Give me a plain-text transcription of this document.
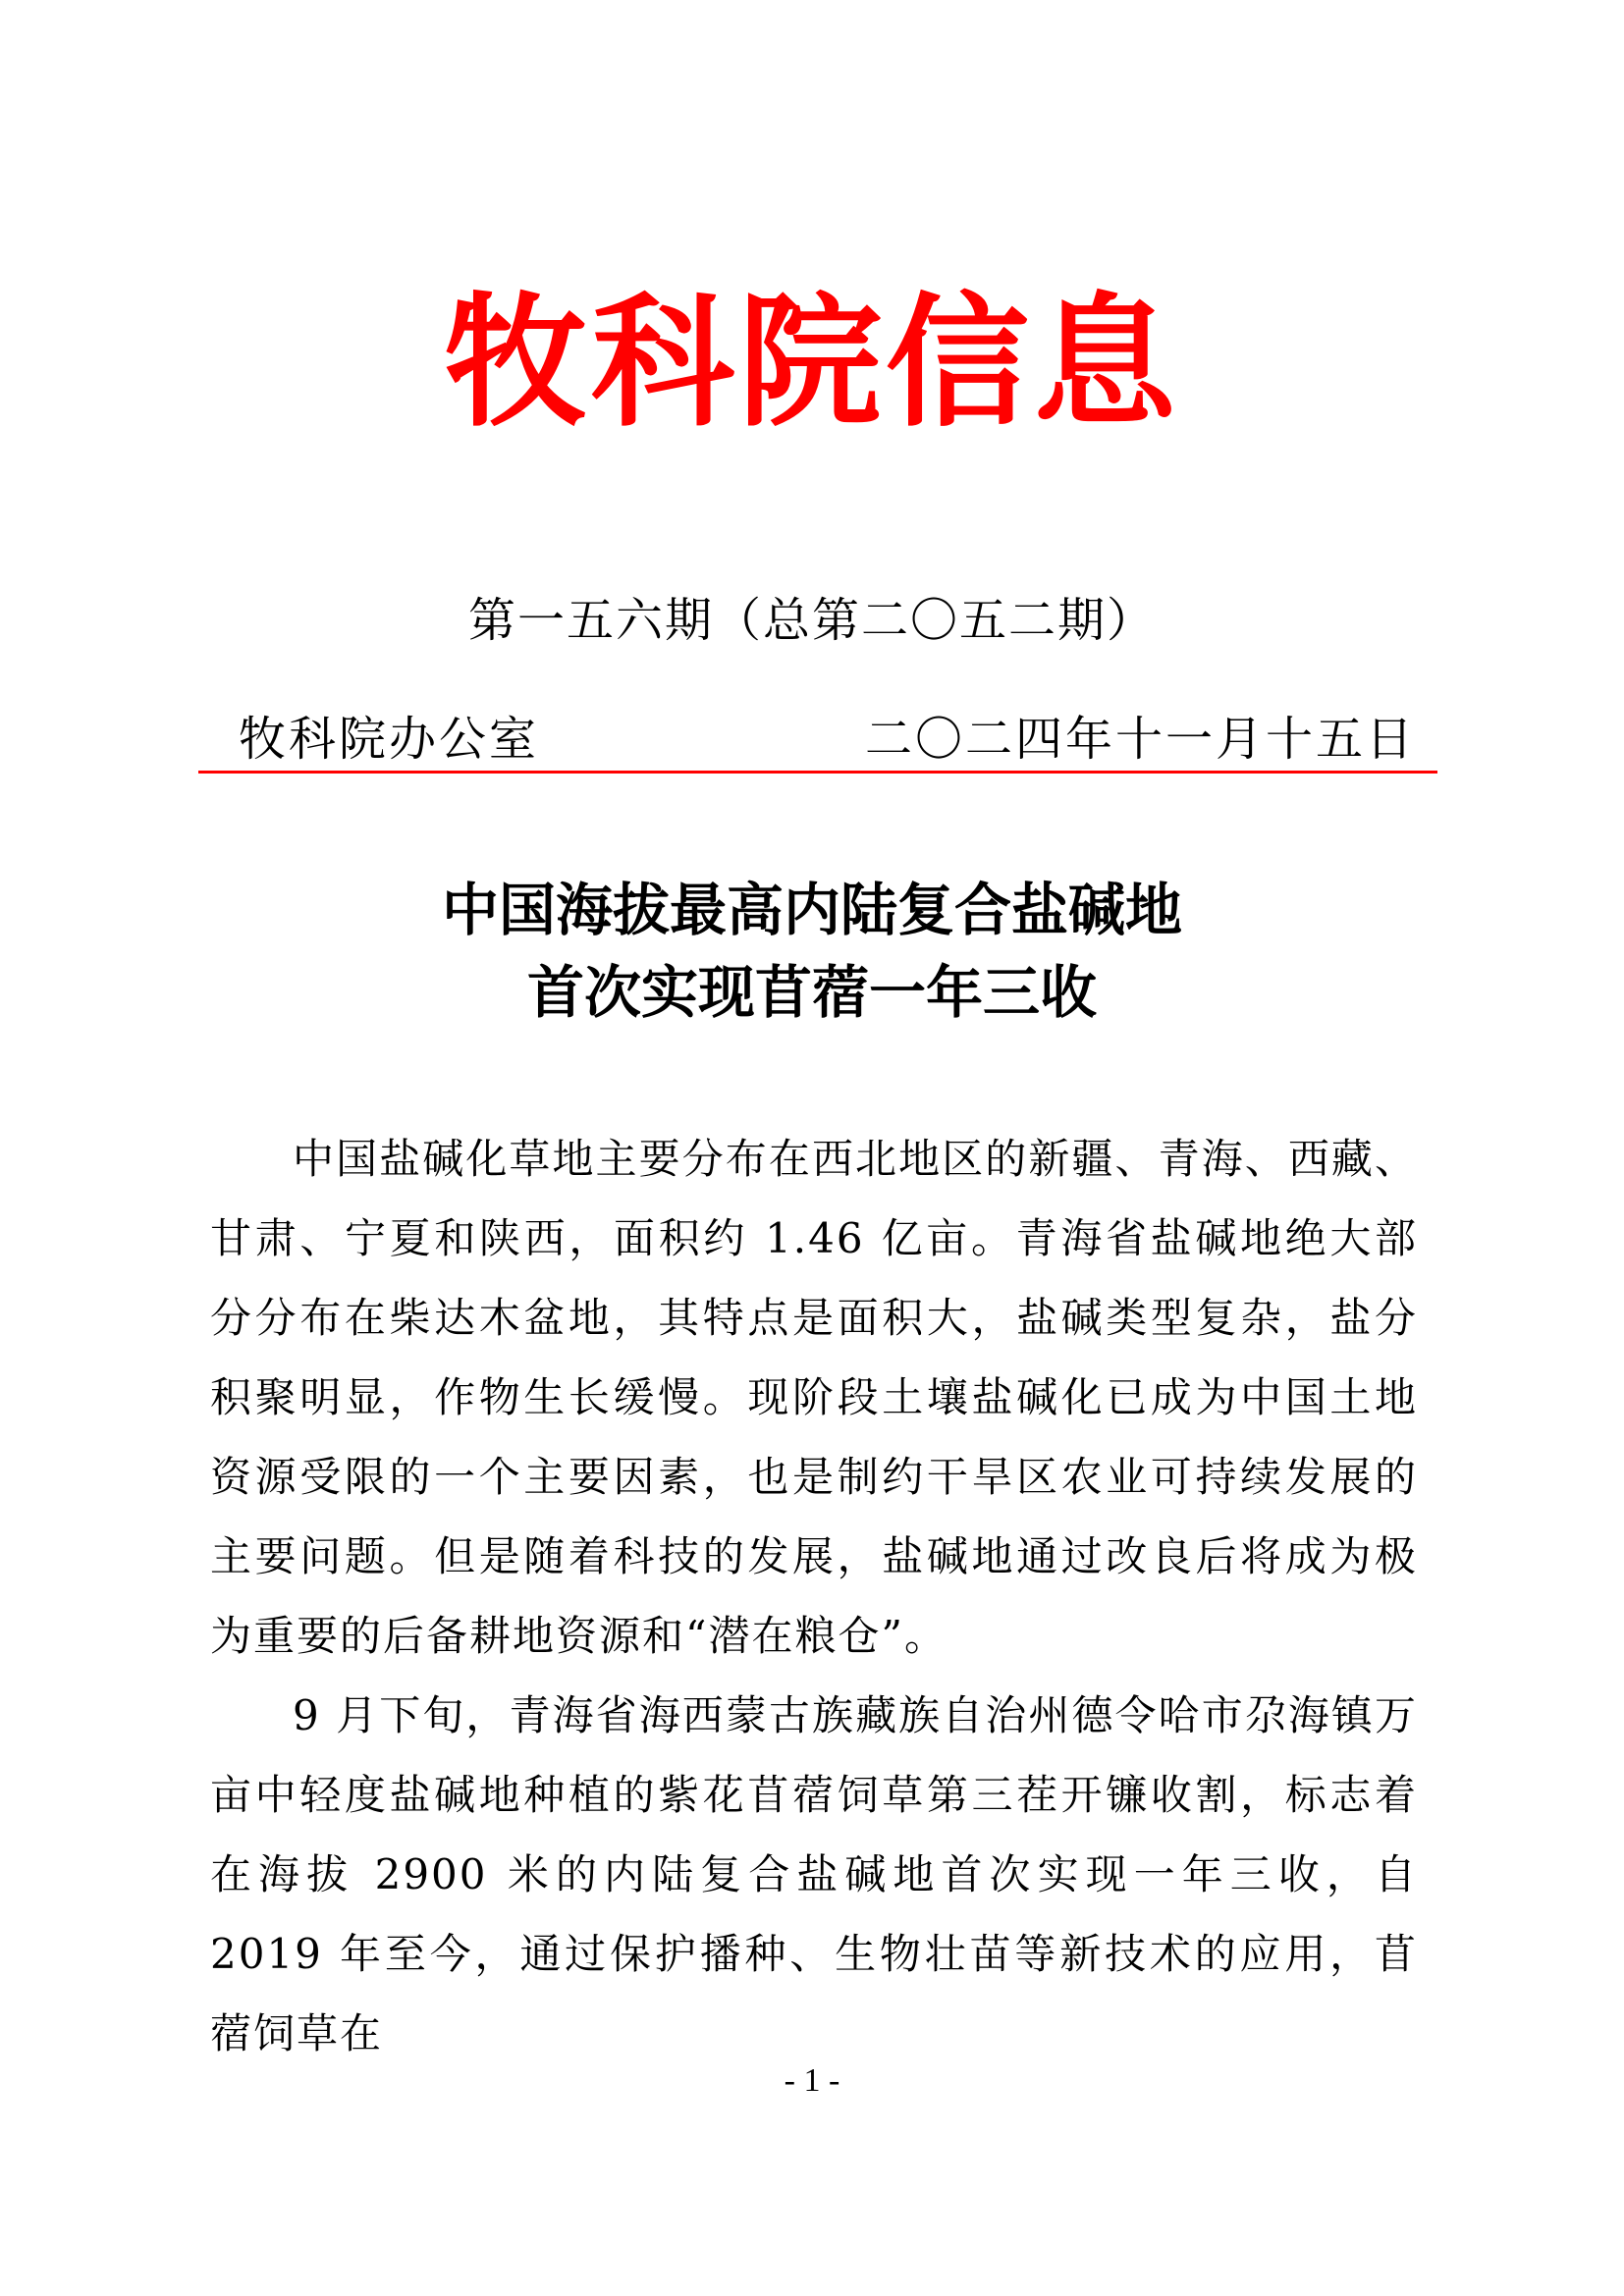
牧科院信息
第一五六期（总第二〇五二期）
牧科院办公室	二〇二四年十一月十五日
中国海拔最高内陆复合盐碱地
首次实现苜蓿一年三收

中国盐碱化草地主要分布在西北地区的新疆、青海、西藏、甘肃、宁夏和陕西，面积约 1.46 亿亩。青海省盐碱地绝大部分分布在柴达木盆地，其特点是面积大，盐碱类型复杂，盐分积聚明显，作物生长缓慢。现阶段土壤盐碱化已成为中国土地资源受限的一个主要因素，也是制约干旱区农业可持续发展的主要问题。但是随着科技的发展，盐碱地通过改良后将成为极为重要的后备耕地资源和“潜在粮仓”。

9 月下旬，青海省海西蒙古族藏族自治州德令哈市尕海镇万亩中轻度盐碱地种植的紫花苜蓿饲草第三茬开镰收割，标志着在海拔 2900 米的内陆复合盐碱地首次实现一年三收，自 2019 年至今，通过保护播种、生物壮苗等新技术的应用，苜蓿饲草在

- 1 -
